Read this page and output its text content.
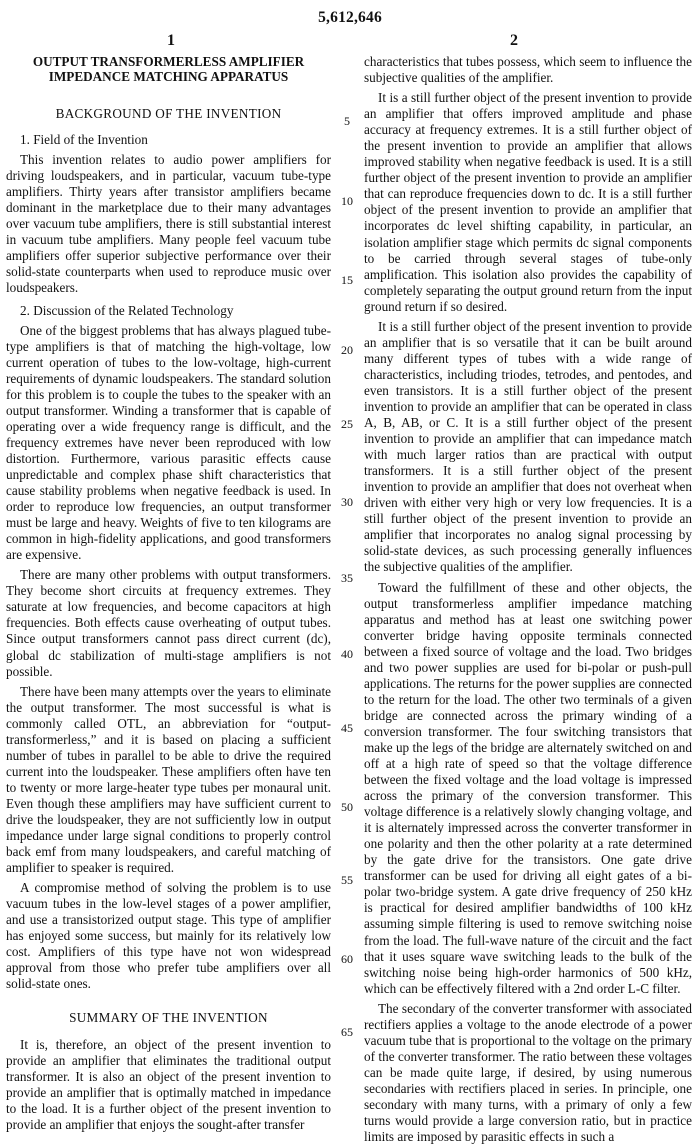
5,612,646
1	2

OUTPUT TRANSFORMERLESS AMPLIFIER
IMPEDANCE MATCHING APPARATUS

BACKGROUND OF THE INVENTION

1. Field of the Invention

This invention relates to audio power amplifiers for driving loudspeakers, and in particular, vacuum tube-type amplifiers. Thirty years after transistor amplifiers became dominant in the marketplace due to their many advantages over vacuum tube amplifiers, there is still substantial interest in vacuum tube amplifiers. Many people feel vacuum tube amplifiers offer superior subjective performance over their solid-state counterparts when used to reproduce music over loudspeakers.

2. Discussion of the Related Technology

One of the biggest problems that has always plagued tube-type amplifiers is that of matching the high-voltage, low current operation of tubes to the low-voltage, high-current requirements of dynamic loudspeakers. The standard solution for this problem is to couple the tubes to the speaker with an output transformer. Winding a transformer that is capable of operating over a wide frequency range is difficult, and the frequency extremes have never been reproduced with low distortion. Furthermore, various parasitic effects cause unpredictable and complex phase shift characteristics that cause stability problems when negative feedback is used. In order to reproduce low frequencies, an output transformer must be large and heavy. Weights of five to ten kilograms are common in high-fidelity applications, and good transformers are expensive.

There are many other problems with output transformers. They become short circuits at frequency extremes. They saturate at low frequencies, and become capacitors at high frequencies. Both effects cause overheating of output tubes. Since output transformers cannot pass direct current (dc), global dc stabilization of multi-stage amplifiers is not possible.

There have been many attempts over the years to eliminate the output transformer. The most successful is what is commonly called OTL, an abbreviation for “output-transformerless,” and it is based on placing a sufficient number of tubes in parallel to be able to drive the required current into the loudspeaker. These amplifiers often have ten to twenty or more large-heater type tubes per monaural unit. Even though these amplifiers may have sufficient current to drive the loudspeaker, they are not sufficiently low in output impedance under large signal conditions to properly control back emf from many loudspeakers, and careful matching of amplifier to speaker is required.

A compromise method of solving the problem is to use vacuum tubes in the low-level stages of a power amplifier, and use a transistorized output stage. This type of amplifier has enjoyed some success, but mainly for its relatively low cost. Amplifiers of this type have not won widespread approval from those who prefer tube amplifiers over all solid-state ones.

SUMMARY OF THE INVENTION

It is, therefore, an object of the present invention to provide an amplifier that eliminates the traditional output transformer. It is also an object of the present invention to provide an amplifier that is optimally matched in impedance to the load. It is a further object of the present invention to provide an amplifier that enjoys the sought-after transfer

characteristics that tubes possess, which seem to influence the subjective qualities of the amplifier.

It is a still further object of the present invention to provide an amplifier that offers improved amplitude and phase accuracy at frequency extremes. It is a still further object of the present invention to provide an amplifier that allows improved stability when negative feedback is used. It is a still further object of the present invention to provide an amplifier that can reproduce frequencies down to dc. It is a still further object of the present invention to provide an amplifier that incorporates dc level shifting capability, in particular, an isolation amplifier stage which permits dc signal components to be carried through several stages of tube-only amplification. This isolation also provides the capability of completely separating the output ground return from the input ground return if so desired.

It is a still further object of the present invention to provide an amplifier that is so versatile that it can be built around many different types of tubes with a wide range of characteristics, including triodes, tetrodes, and pentodes, and even transistors. It is a still further object of the present invention to provide an amplifier that can be operated in class A, B, AB, or C. It is a still further object of the present invention to provide an amplifier that can impedance match with much larger ratios than are practical with output transformers. It is a still further object of the present invention to provide an amplifier that does not overheat when driven with either very high or very low frequencies. It is a still further object of the present invention to provide an amplifier that incorporates no analog signal processing by solid-state devices, as such processing generally influences the subjective qualities of the amplifier.

Toward the fulfillment of these and other objects, the output transformerless amplifier impedance matching apparatus and method has at least one switching power converter bridge having opposite terminals connected between a fixed source of voltage and the load. Two bridges and two power supplies are used for bi-polar or push-pull applications. The returns for the power supplies are connected to the return for the load. The other two terminals of a given bridge are connected across the primary winding of a conversion transformer. The four switching transistors that make up the legs of the bridge are alternately switched on and off at a high rate of speed so that the voltage difference between the fixed voltage and the load voltage is impressed across the primary of the conversion transformer. This voltage difference is a relatively slowly changing voltage, and it is alternately impressed across the converter transformer in one polarity and then the other polarity at a rate determined by the gate drive for the transistors. One gate drive transformer can be used for driving all eight gates of a bi-polar two-bridge system. A gate drive frequency of 250 kHz is practical for desired amplifier bandwidths of 100 kHz assuming simple filtering is used to remove switching noise from the load. The full-wave nature of the circuit and the fact that it uses square wave switching leads to the bulk of the switching noise being high-order harmonics of 500 kHz, which can be effectively filtered with a 2nd order L-C filter.

The secondary of the converter transformer with associated rectifiers applies a voltage to the anode electrode of a power vacuum tube that is proportional to the voltage on the primary of the converter transformer. The ratio between these voltages can be made quite large, if desired, by using numerous secondaries with rectifiers placed in series. In principle, one secondary with many turns, with a primary of only a few turns would provide a large conversion ratio, but in practice limits are imposed by parasitic effects in such a

5
10
15
20
25
30
35
40
45
50
55
60
65
